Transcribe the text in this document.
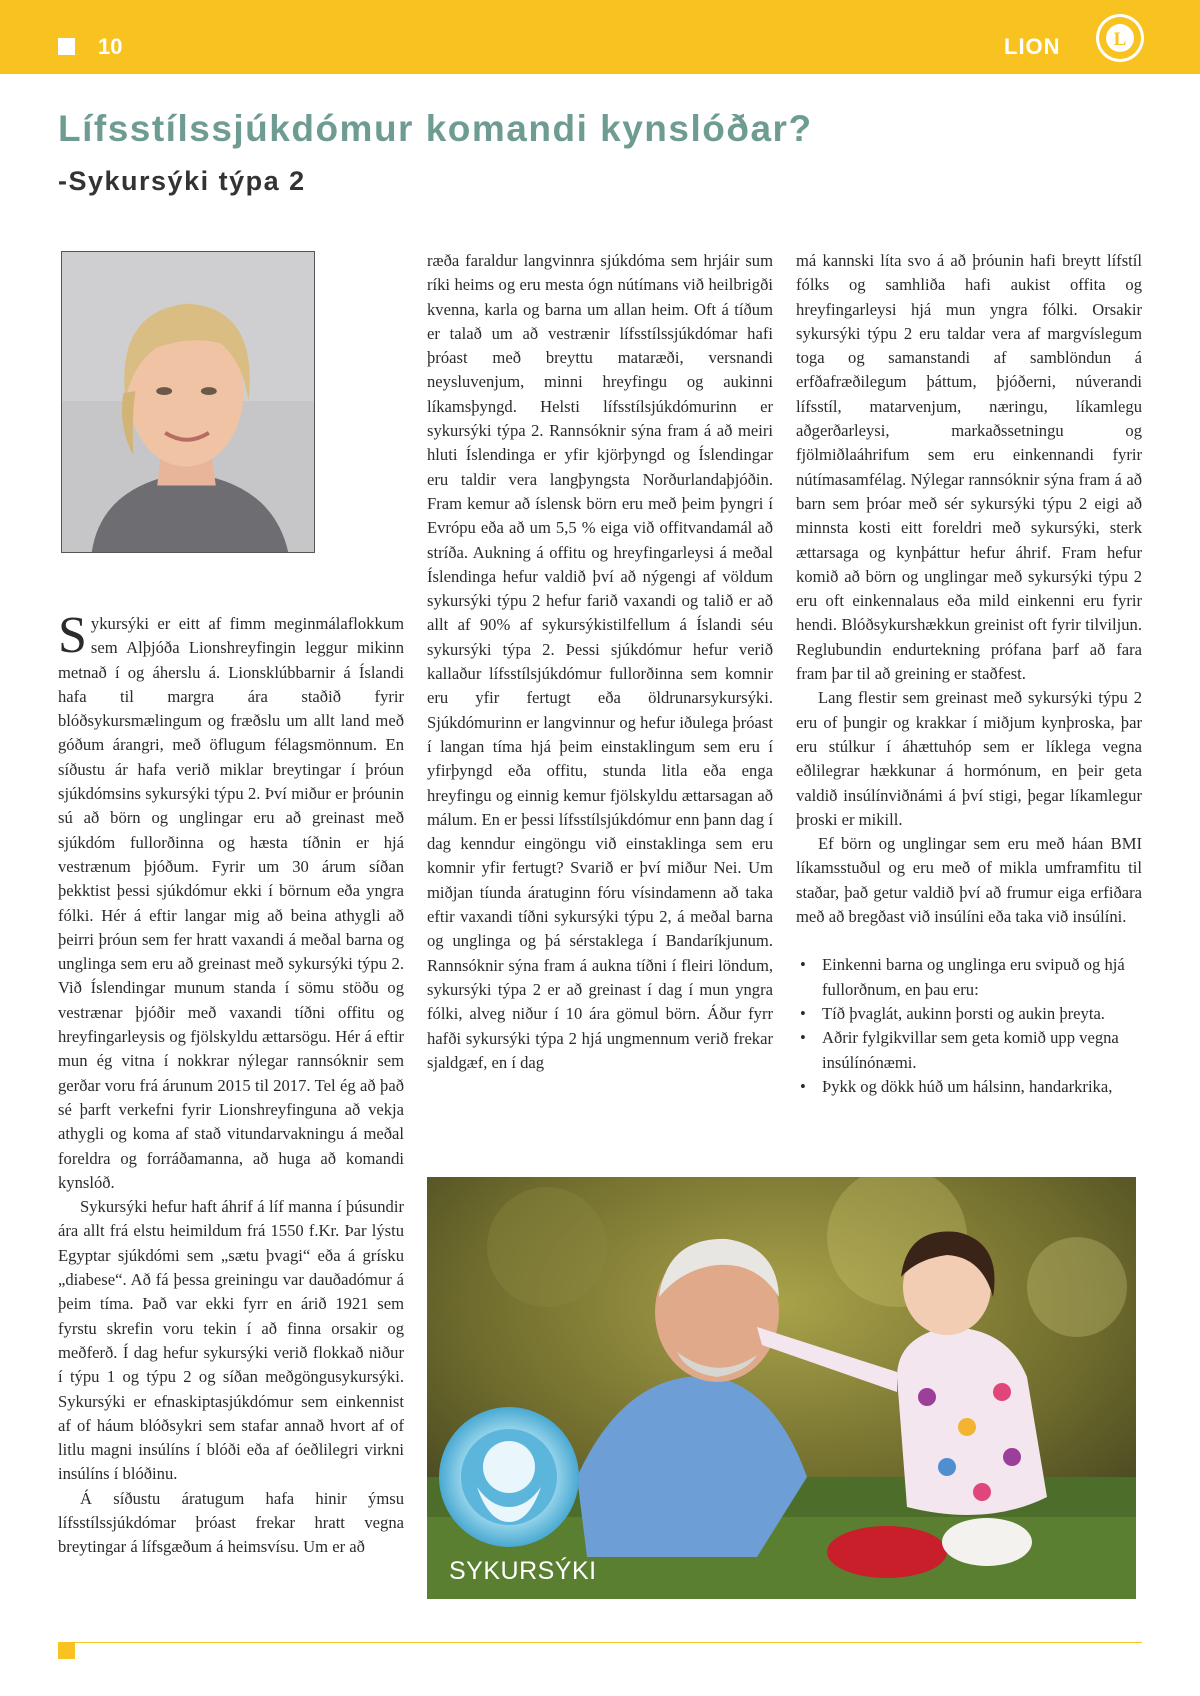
10	LION	L
Lífsstílssjúkdómur komandi kynslóðar?
-Sykursýki týpa 2

Sykursýki er eitt af fimm meginmálaflokkum sem Alþjóða Lionshreyfingin leggur mikinn metnað í og áherslu á. Lionsklúbbarnir á Íslandi hafa til margra ára staðið fyrir blóðsykursmælingum og fræðslu um allt land með góðum árangri, með öflugum félagsmönnum. En síðustu ár hafa verið miklar breytingar í þróun sjúkdómsins sykursýki týpu 2. Því miður er þróunin sú að börn og unglingar eru að greinast með sjúkdóm fullorðinna og hæsta tíðnin er hjá vestrænum þjóðum. Fyrir um 30 árum síðan þekktist þessi sjúkdómur ekki í börnum eða yngra fólki. Hér á eftir langar mig að beina athygli að þeirri þróun sem fer hratt vaxandi á meðal barna og unglinga sem eru að greinast með sykursýki týpu 2. Við Íslendingar munum standa í sömu stöðu og vestrænar þjóðir með vaxandi tíðni offitu og hreyfingarleysis og fjölskyldu ættarsögu. Hér á eftir mun ég vitna í nokkrar nýlegar rannsóknir sem gerðar voru frá árunum 2015 til 2017. Tel ég að það sé þarft verkefni fyrir Lionshreyfinguna að vekja athygli og koma af stað vitundarvakningu á meðal foreldra og forráðamanna, að huga að komandi kynslóð.

Sykursýki hefur haft áhrif á líf manna í þúsundir ára allt frá elstu heimildum frá 1550 f.Kr. Þar lýstu Egyptar sjúkdómi sem „sætu þvagi“ eða á grísku „diabese“. Að fá þessa greiningu var dauðadómur á þeim tíma. Það var ekki fyrr en árið 1921 sem fyrstu skrefin voru tekin í að finna orsakir og meðferð. Í dag hefur sykursýki verið flokkað niður í týpu 1 og týpu 2 og síðan meðgöngusykursýki. Sykursýki er efnaskiptasjúkdómur sem einkennist af of háum blóðsykri sem stafar annað hvort af of litlu magni insúlíns í blóði eða af óeðlilegri virkni insúlíns í blóðinu.

Á síðustu áratugum hafa hinir ýmsu lífsstílssjúkdómar þróast frekar hratt vegna breytingar á lífsgæðum á heimsvísu. Um er að

ræða faraldur langvinnra sjúkdóma sem hrjáir sum ríki heims og eru mesta ógn nútímans við heilbrigði kvenna, karla og barna um allan heim. Oft á tíðum er talað um að vestrænir lífsstílssjúkdómar hafi þróast með breyttu mataræði, versnandi neysluvenjum, minni hreyfingu og aukinni líkamsþyngd. Helsti lífsstílsjúkdómurinn er sykursýki týpa 2. Rannsóknir sýna fram á að meiri hluti Íslendinga er yfir kjörþyngd og Íslendingar eru taldir vera langþyngsta Norðurlandaþjóðin. Fram kemur að íslensk börn eru með þeim þyngri í Evrópu eða að um 5,5 % eiga við offitvandamál að stríða. Aukning á offitu og hreyfingarleysi á meðal Íslendinga hefur valdið því að nýgengi af völdum sykursýki týpu 2 hefur farið vaxandi og talið er að allt af 90% af sykursýkistilfellum á Íslandi séu sykursýki týpa 2. Þessi sjúkdómur hefur verið kallaður lífsstílsjúkdómur fullorðinna sem komnir eru yfir fertugt eða öldrunarsykursýki. Sjúkdómurinn er langvinnur og hefur iðulega þróast í langan tíma hjá þeim einstaklingum sem eru í yfirþyngd eða offitu, stunda litla eða enga hreyfingu og einnig kemur fjölskyldu ættarsagan að málum. En er þessi lífsstílsjúkdómur enn þann dag í dag kenndur eingöngu við einstaklinga sem eru komnir yfir fertugt? Svarið er því miður Nei. Um miðjan tíunda áratuginn fóru vísindamenn að taka eftir vaxandi tíðni sykursýki týpu 2, á meðal barna og unglinga og þá sérstaklega í Bandaríkjunum. Rannsóknir sýna fram á aukna tíðni í fleiri löndum, sykursýki týpa 2 er að greinast í dag í mun yngra fólki, alveg niður í 10 ára gömul börn. Áður fyrr hafði sykursýki týpa 2 hjá ungmennum verið frekar sjaldgæf, en í dag

má kannski líta svo á að þróunin hafi breytt lífstíl fólks og samhliða hafi aukist offita og hreyfingarleysi hjá mun yngra fólki. Orsakir sykursýki týpu 2 eru taldar vera af margvíslegum toga og samanstandi af samblöndun á erfðafræðilegum þáttum, þjóðerni, núverandi lífsstíl, matarvenjum, næringu, líkamlegu aðgerðarleysi, markaðssetningu og fjölmiðlaáhrifum sem eru einkennandi fyrir nútímasamfélag. Nýlegar rannsóknir sýna fram á að barn sem þróar með sér sykursýki týpu 2 eigi að minnsta kosti eitt foreldri með sykursýki, sterk ættarsaga og kynþáttur hefur áhrif. Fram hefur komið að börn og unglingar með sykursýki týpu 2 eru oft einkennalaus eða mild einkenni eru fyrir hendi. Blóðsykurshækkun greinist oft fyrir tilviljun. Reglubundin endurtekning prófana þarf að fara fram þar til að greining er staðfest.

Lang flestir sem greinast með sykursýki týpu 2 eru of þungir og krakkar í miðjum kynþroska, þar eru stúlkur í áhættuhóp sem er líklega vegna eðlilegrar hækkunar á hormónum, en þeir geta valdið insúlínviðnámi á því stigi, þegar líkamlegur þroski er mikill.

Ef börn og unglingar sem eru með háan BMI líkamsstuðul og eru með of mikla umframfitu til staðar, það getur valdið því að frumur eiga erfiðara með að bregðast við insúlíni eða taka við insúlíni.

• Einkenni barna og unglinga eru svipuð og hjá fullorðnum, en þau eru:
• Tíð þvaglát, aukinn þorsti og aukin þreyta.
• Aðrir fylgikvillar sem geta komið upp vegna insúlínónæmi.
• Þykk og dökk húð um hálsinn, handarkrika,
SYKURSÝKI
